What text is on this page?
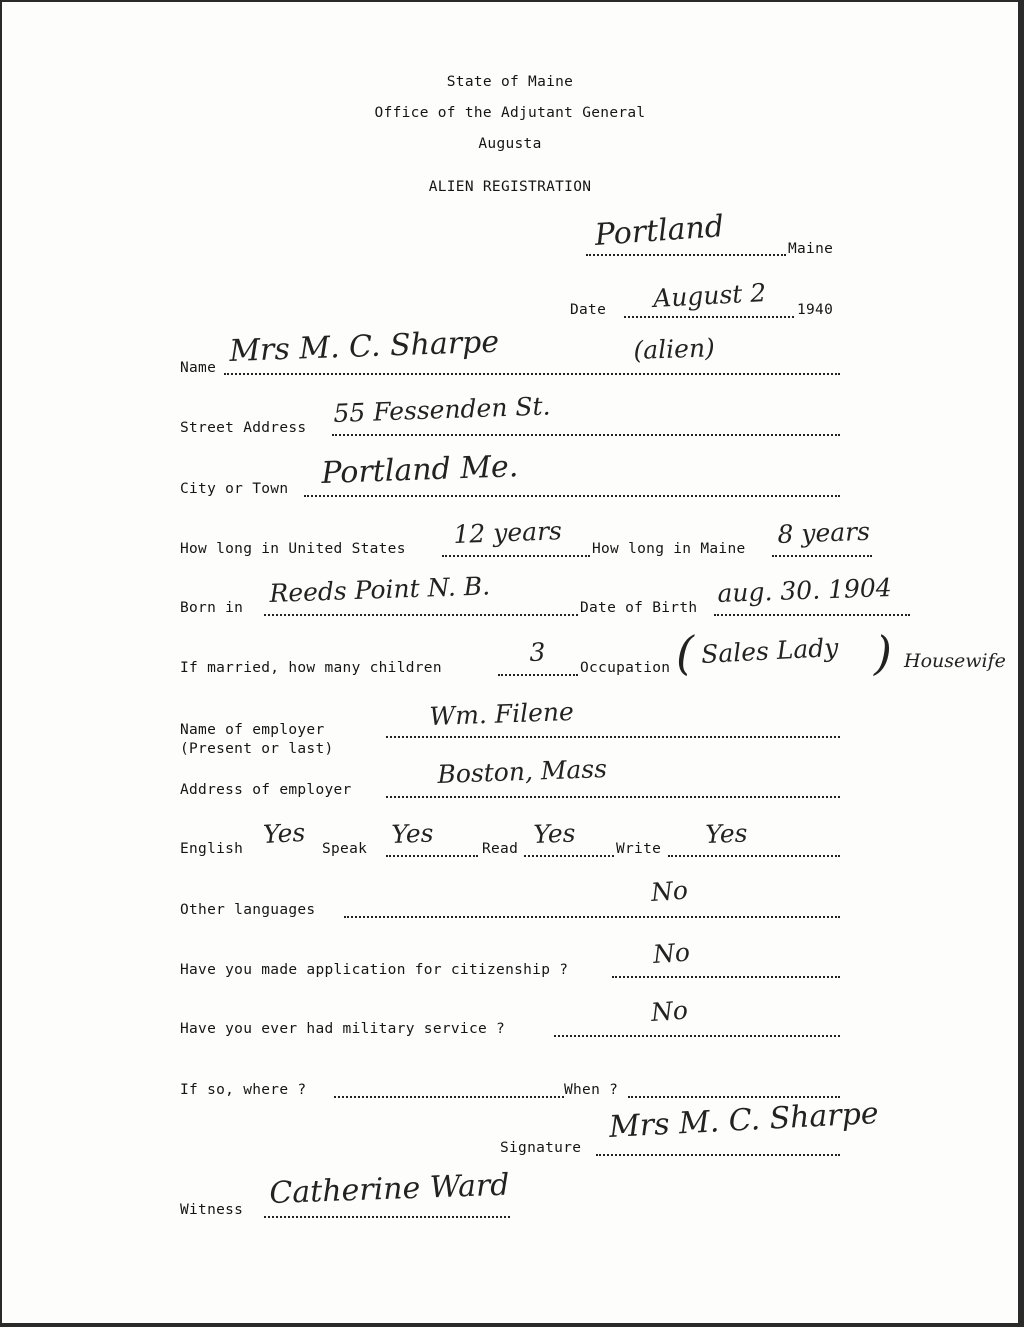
State of Maine
Office of the Adjutant General
Augusta
ALIEN REGISTRATION
Portland	Maine
Date August 2 1940
Name Mrs M. C. Sharpe	(alien)
Street Address 55 Fessenden St.
City or Town Portland Me.
How long in United States 12 years How long in Maine 8 years
Born in Reeds Point N. B.	Date of Birth aug. 30. 1904
If married, how many children
3
Occupation ( Sales Lady ) Housewife
Name of employer
(Present or last)
Wm. Filene
Address of employer
Boston, Mass
English Yes Speak Yes	Read Yes	Write Yes
Other languages
No
Have you made application for citizenship ?
No
Have you ever had military service ?
No
If so, where ?	When ?
Signature
Mrs M. C. Sharpe
Witness Catherine Ward
